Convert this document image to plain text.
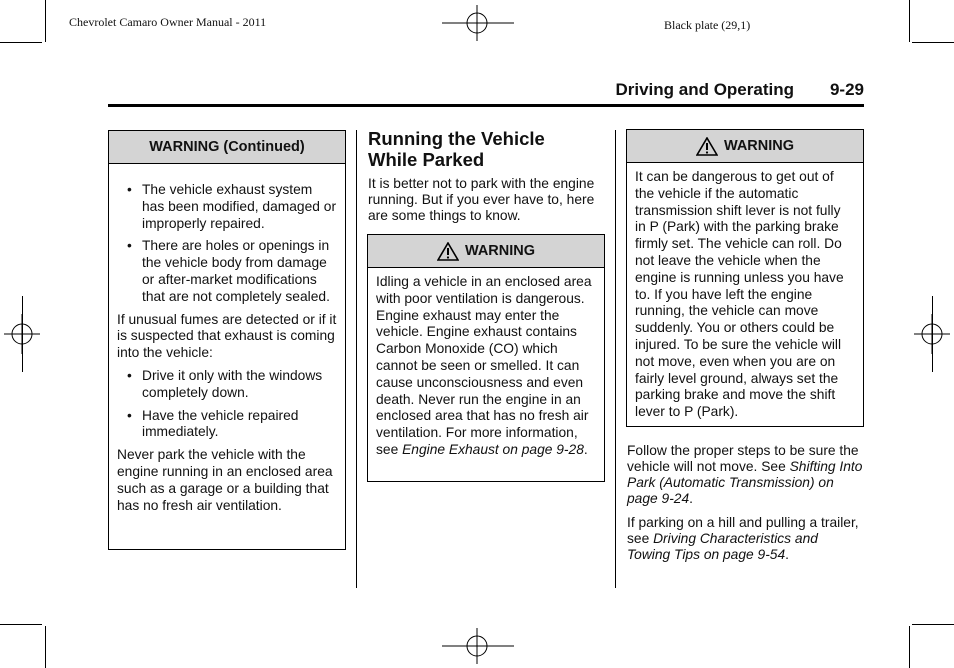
Chevrolet Camaro Owner Manual - 2011	Black plate (29,1)
Driving and Operating 9-29
WARNING (Continued)
• The vehicle exhaust system has been modified, damaged or improperly repaired.
• There are holes or openings in the vehicle body from damage or after-market modifications that are not completely sealed.

If unusual fumes are detected or if it is suspected that exhaust is coming into the vehicle:

• Drive it only with the windows completely down.
• Have the vehicle repaired immediately.

Never park the vehicle with the engine running in an enclosed area such as a garage or a building that has no fresh air ventilation.

Running the Vehicle While Parked

It is better not to park with the engine running. But if you ever have to, here are some things to know.

WARNING

Idling a vehicle in an enclosed area with poor ventilation is dangerous. Engine exhaust may enter the vehicle. Engine exhaust contains Carbon Monoxide (CO) which cannot be seen or smelled. It can cause unconsciousness and even death. Never run the engine in an enclosed area that has no fresh air ventilation. For more information, see Engine Exhaust on page 9-28.

WARNING

It can be dangerous to get out of the vehicle if the automatic transmission shift lever is not fully in P (Park) with the parking brake firmly set. The vehicle can roll. Do not leave the vehicle when the engine is running unless you have to. If you have left the engine running, the vehicle can move suddenly. You or others could be injured. To be sure the vehicle will not move, even when you are on fairly level ground, always set the parking brake and move the shift lever to P (Park).

Follow the proper steps to be sure the vehicle will not move. See Shifting Into Park (Automatic Transmission) on page 9-24.

If parking on a hill and pulling a trailer, see Driving Characteristics and Towing Tips on page 9-54.
